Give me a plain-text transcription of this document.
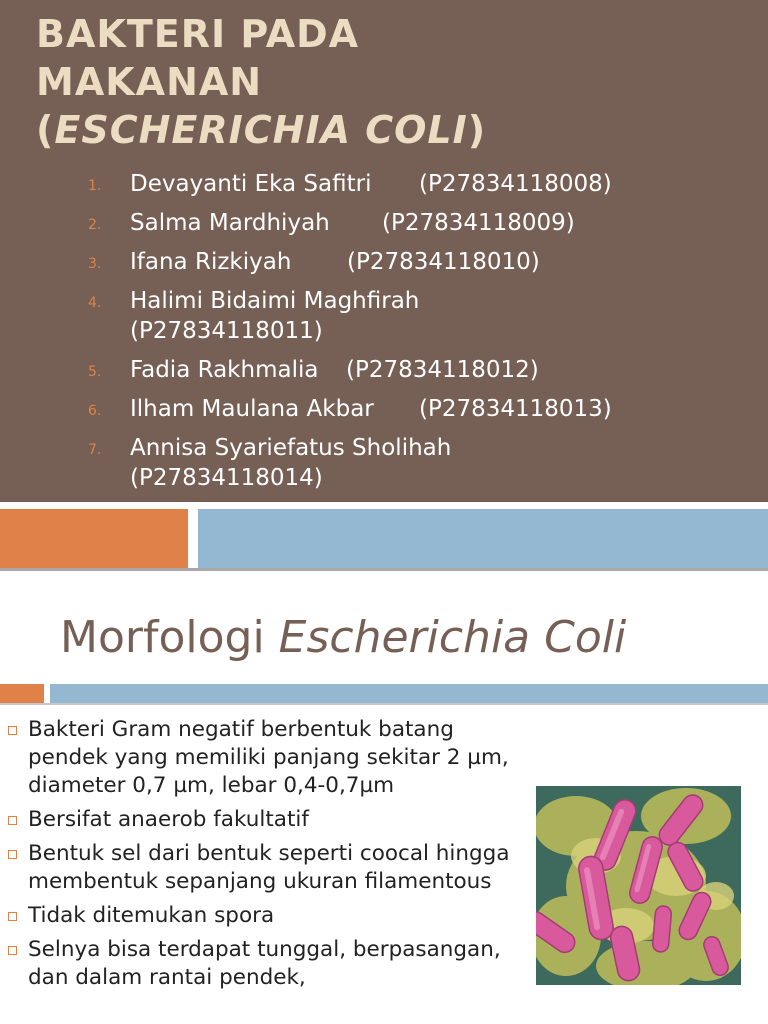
BAKTERI PADA
MAKANAN
(ESCHERICHIA COLI)
1. Devayanti Eka Safitri (P27834118008)
2. Salma Mardhiyah (P27834118009)
3. Ifana Rizkiyah (P27834118010)
4. Halimi Bidaimi Maghfirah
(P27834118011)
5. Fadia Rakhmalia (P27834118012)
6. Ilham Maulana Akbar (P27834118013)
7. Annisa Syariefatus Sholihah
(P27834118014)
Morfologi Escherichia Coli
Bakteri Gram negatif berbentuk batang pendek yang memiliki panjang sekitar 2 µm, diameter 0,7 µm, lebar 0,4-0,7µm
Bersifat anaerob fakultatif
Bentuk sel dari bentuk seperti coocal hingga membentuk sepanjang ukuran filamentous
Tidak ditemukan spora
Selnya bisa terdapat tunggal, berpasangan, dan dalam rantai pendek,
